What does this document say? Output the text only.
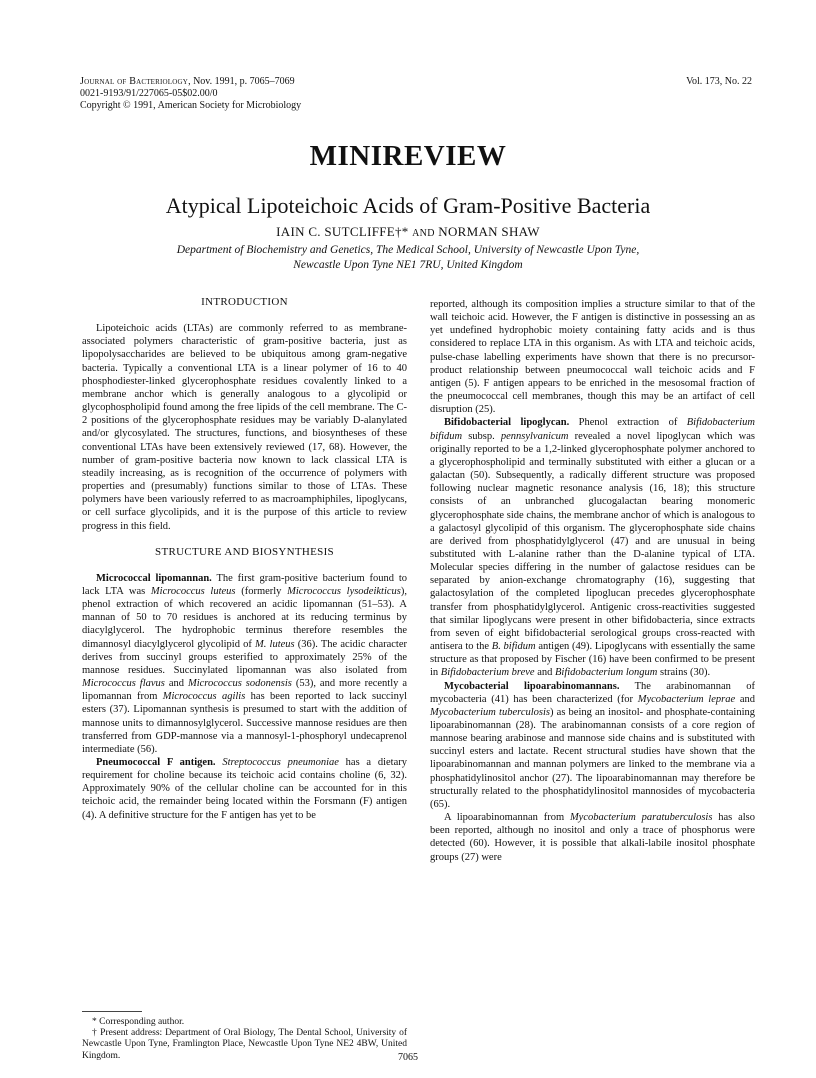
Journal of Bacteriology, Nov. 1991, p. 7065–7069
0021-9193/91/227065-05$02.00/0
Copyright © 1991, American Society for Microbiology
Vol. 173, No. 22
MINIREVIEW
Atypical Lipoteichoic Acids of Gram-Positive Bacteria
IAIN C. SUTCLIFFE†* AND NORMAN SHAW
Department of Biochemistry and Genetics, The Medical School, University of Newcastle Upon Tyne,
Newcastle Upon Tyne NE1 7RU, United Kingdom
INTRODUCTION

Lipoteichoic acids (LTAs) are commonly referred to as membrane-associated polymers characteristic of gram-positive bacteria, just as lipopolysaccharides are believed to be ubiquitous among gram-negative bacteria. Typically a conventional LTA is a linear polymer of 16 to 40 phosphodiester-linked glycerophosphate residues covalently linked to a membrane anchor which is generally analogous to a glycolipid or glycophospholipid found among the free lipids of the cell membrane. The C-2 positions of the glycerophosphate residues may be variably D-alanylated and/or glycosylated. The structures, functions, and biosyntheses of these conventional LTAs have been extensively reviewed (17, 68). However, the number of gram-positive bacteria now known to lack classical LTA is steadily increasing, as is recognition of the occurrence of polymers with properties and (presumably) functions similar to those of LTAs. These polymers have been variously referred to as macroamphiphiles, lipoglycans, or cell surface glycolipids, and it is the purpose of this article to review progress in this field.

STRUCTURE AND BIOSYNTHESIS

Micrococcal lipomannan. The first gram-positive bacterium found to lack LTA was Micrococcus luteus (formerly Micrococcus lysodeikticus), phenol extraction of which recovered an acidic lipomannan (51–53). A mannan of 50 to 70 residues is anchored at its reducing terminus by diacylglycerol. The hydrophobic terminus therefore resembles the dimannosyl diacylglycerol glycolipid of M. luteus (36). The acidic character derives from succinyl groups esterified to approximately 25% of the mannose residues. Succinylated lipomannan was also isolated from Micrococcus flavus and Micrococcus sodonensis (53), and more recently a lipomannan from Micrococcus agilis has been reported to lack succinyl esters (37). Lipomannan synthesis is presumed to start with the addition of mannose units to dimannosylglycerol. Successive mannose residues are then transferred from GDP-mannose via a mannosyl-1-phosphoryl undecaprenol intermediate (56).

Pneumococcal F antigen. Streptococcus pneumoniae has a dietary requirement for choline because its teichoic acid contains choline (6, 32). Approximately 90% of the cellular choline can be accounted for in this teichoic acid, the remainder being located within the Forsmann (F) antigen (4). A definitive structure for the F antigen has yet to be

reported, although its composition implies a structure similar to that of the wall teichoic acid. However, the F antigen is distinctive in possessing an as yet undefined hydrophobic moiety containing fatty acids and is thus considered to replace LTA in this organism. As with LTA and teichoic acids, pulse-chase labelling experiments have shown that there is no precursor-product relationship between pneumococcal wall teichoic acids and F antigen (5). F antigen appears to be enriched in the mesosomal fraction of the pneumococcal cell membranes, though this may be an artifact of cell disruption (25).

Bifidobacterial lipoglycan. Phenol extraction of Bifidobacterium bifidum subsp. pennsylvanicum revealed a novel lipoglycan which was originally reported to be a 1,2-linked glycerophosphate polymer anchored to a glycerophospholipid and terminally substituted with either a glucan or a galactan (50). Subsequently, a radically different structure was proposed following nuclear magnetic resonance analysis (16, 18); this structure consists of an unbranched glucogalactan bearing monomeric glycerophosphate side chains, the membrane anchor of which is analogous to a galactosyl glycolipid of this organism. The glycerophosphate side chains are derived from phosphatidylglycerol (47) and are unusual in being substituted with L-alanine rather than the D-alanine typical of LTA. Molecular species differing in the number of galactose residues can be separated by anion-exchange chromatography (16), suggesting that galactosylation of the completed lipoglucan precedes glycerophosphate transfer from phosphatidylglycerol. Antigenic cross-reactivities suggested that similar lipoglycans were present in other bifidobacteria, since extracts from seven of eight bifidobacterial serological groups cross-reacted with antisera to the B. bifidum antigen (49). Lipoglycans with essentially the same structure as that proposed by Fischer (16) have been confirmed to be present in Bifidobacterium breve and Bifidobacterium longum strains (30).

Mycobacterial lipoarabinomannans. The arabinomannan of mycobacteria (41) has been characterized (for Mycobacterium leprae and Mycobacterium tuberculosis) as being an inositol- and phosphate-containing lipoarabinomannan (28). The arabinomannan consists of a core region of mannose bearing arabinose and mannose side chains and is substituted with succinyl esters and lactate. Recent structural studies have shown that the lipoarabinomannan and mannan polymers are linked to the membrane via a phosphatidylinositol anchor (27). The lipoarabinomannan may therefore be structurally related to the phosphatidylinositol mannosides of mycobacteria (65).

A lipoarabinomannan from Mycobacterium paratuberculosis has also been reported, although no inositol and only a trace of phosphorus were detected (60). However, it is possible that alkali-labile inositol phosphate groups (27) were

* Corresponding author.

† Present address: Department of Oral Biology, The Dental School, University of Newcastle Upon Tyne, Framlington Place, Newcastle Upon Tyne NE2 4BW, United Kingdom.	7065
